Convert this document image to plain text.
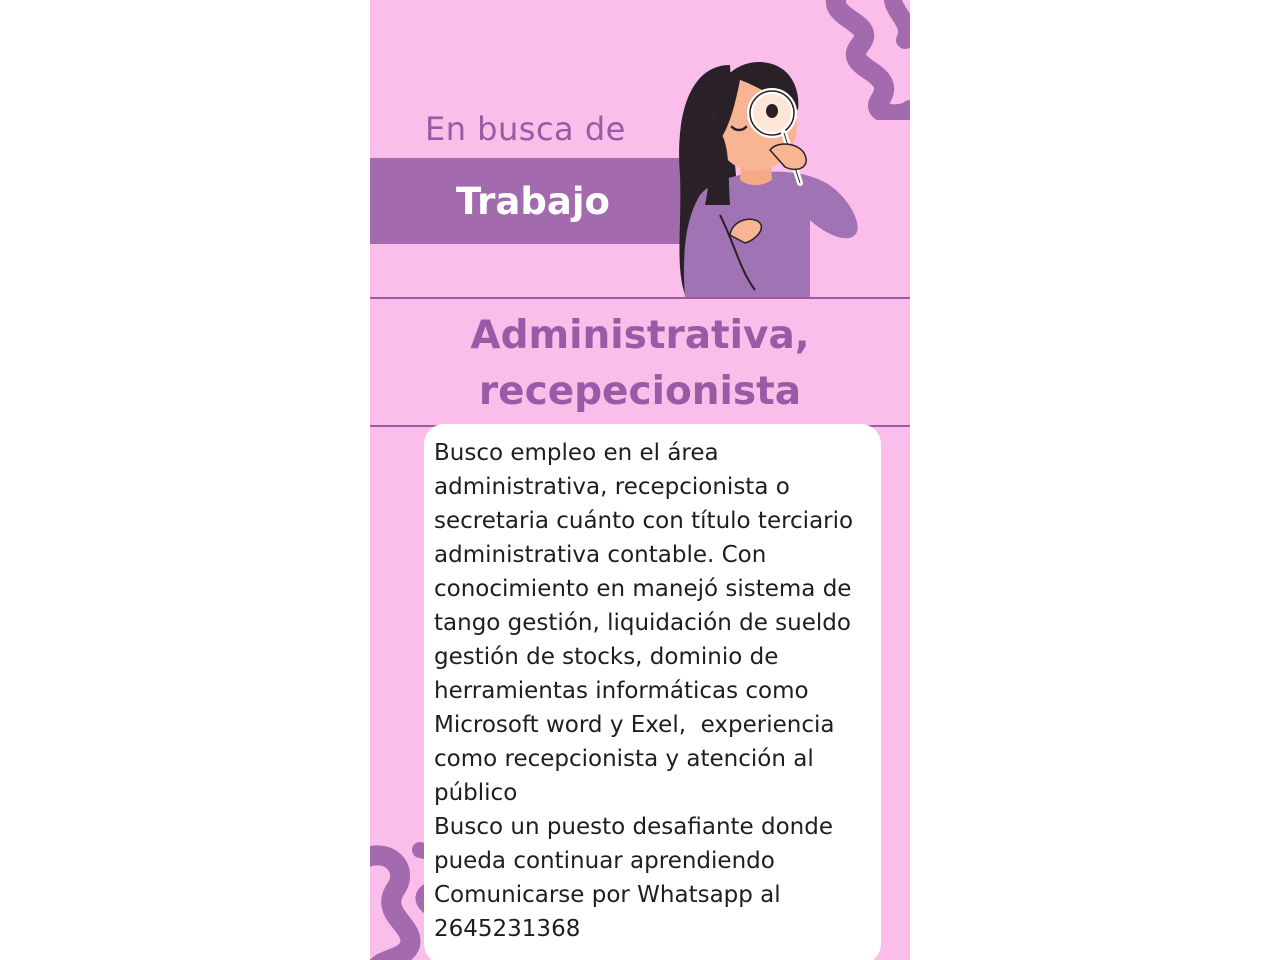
En busca de
Trabajo
Administrativa,
recepecionista

Busco empleo en el área
administrativa, recepcionista o
secretaria cuánto con título terciario
administrativa contable. Con
conocimiento en manejó sistema de
tango gestión, liquidación de sueldo
gestión de stocks, dominio de
herramientas informáticas como
Microsoft word y Exel,  experiencia
como recepcionista y atención al
público
Busco un puesto desafiante donde
pueda continuar aprendiendo
Comunicarse por Whatsapp al
2645231368
